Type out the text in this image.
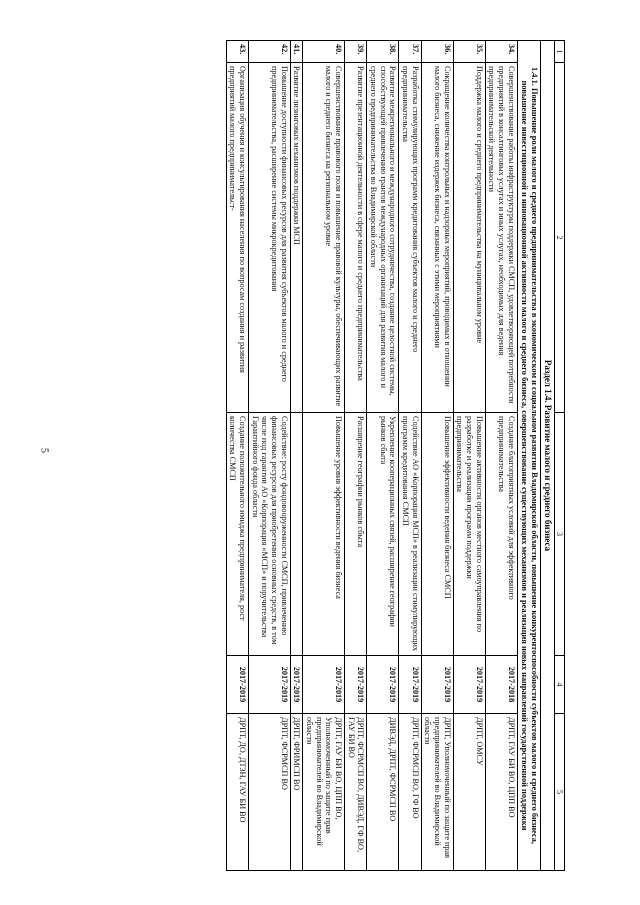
5
1	2	3	4	5
Раздел 1.4. Развитие малого и среднего бизнеса				
1.4.1. Повышение роли малого и среднего предпринимательства в экономическом и социальном развитии Владимирской области, повышение конкурентоспособности субъектов малого и среднего бизнеса, повышение инвестиционной и инновационной активности малого и среднего бизнеса, совершенствование существующих механизмов и реализация новых направлений государственной поддержки				
34.	Совершенствование работы инфраструктуры поддержки СМСП, удовлетворяющей потребности предприятий в консалтинговых услугах и иных услугах, необходимых для ведения предпринимательской деятельности	Создание благоприятных условий для эффективного предпринимательства	2017-2018	ДРПТ, ГАУ БИ ВО, ЦПП ВО
35.	Поддержка малого и среднего предпринимательства на муниципальном уровне	Повышение активности органов местного самоуправления по разработке и реализации программ поддержки предпринимательства	2017-2019	ДРПТ, ОМСУ
36.	Сокращение количества контрольных и надзорных мероприятий, проводимых в отношении малого бизнеса, снижение издержек бизнеса, связанных с этими мероприятиями	Повышение эффективности ведения бизнеса СМСП	2017-2019	ДРПТ, Уполномоченный по защите прав предпринимателей во Владимирской области
37.	Разработка стимулирующих программ кредитования субъектов малого и среднего предпринимательства	Содействие АО «Корпорация МСП» в реализации стимулирующих программ кредитования СМСП	2017-2019	ДРПТ, ФСРМСП ВО, ГФ ВО
38.	Развитие межрегионального и международного сотрудничества, создание целостной системы, способствующей привлечению грантов международных организаций для развития малого и среднего предпринимательства во Владимирской области	Укрепление кооперационных связей, расширение географии рынков сбыта	2017-2019	ДИВЭД, ДРПТ, ФСРМСП ВО
39.	Развитие презентационной деятельности в сфере малого и среднего предпринимательства	Расширение географии рынков сбыта	2017-2019	ДРПТ, ФСРМСП ВО, ДИВЭД, ГФ ВО, ГАУ БИ ВО
40.	Совершенствование правового поля и повышение правовой культуры, обеспечивающих развитие малого и среднего бизнеса на региональном уровне	Повышение уровня эффективности ведения бизнеса	2017-2019	ДРПТ, ГАУ БИ ВО, ЦПП ВО, Уполномоченный по защите прав предпринимателей во Владимирской области
41.	Развитие лизинговых механизмов поддержки МСП		2017-2019	ДРПТ, ФРИМСП ВО
42.	Повышение доступности финансовых ресурсов для развития субъектов малого и среднего предпринимательства, расширение системы микрокредитования	Содействие: росту фондовооруженности СМСП, привлечению финансовых ресурсов для приобретения основных средств, в том числе под гарантии АО «Корпорация «МСП» и поручительства Гарантийного фонда области	2017-2019	ДРПТ, ФСРМСП ВО
43.	Организация обучения и консультирования населения по вопросам создания и развития предприятий малого предпринимательст-	Создание положительного имиджа предпринимателя, рост количества СМСП	2017-2019	ДРПТ, ДО, ДТЗН, ГАУ БИ ВО
